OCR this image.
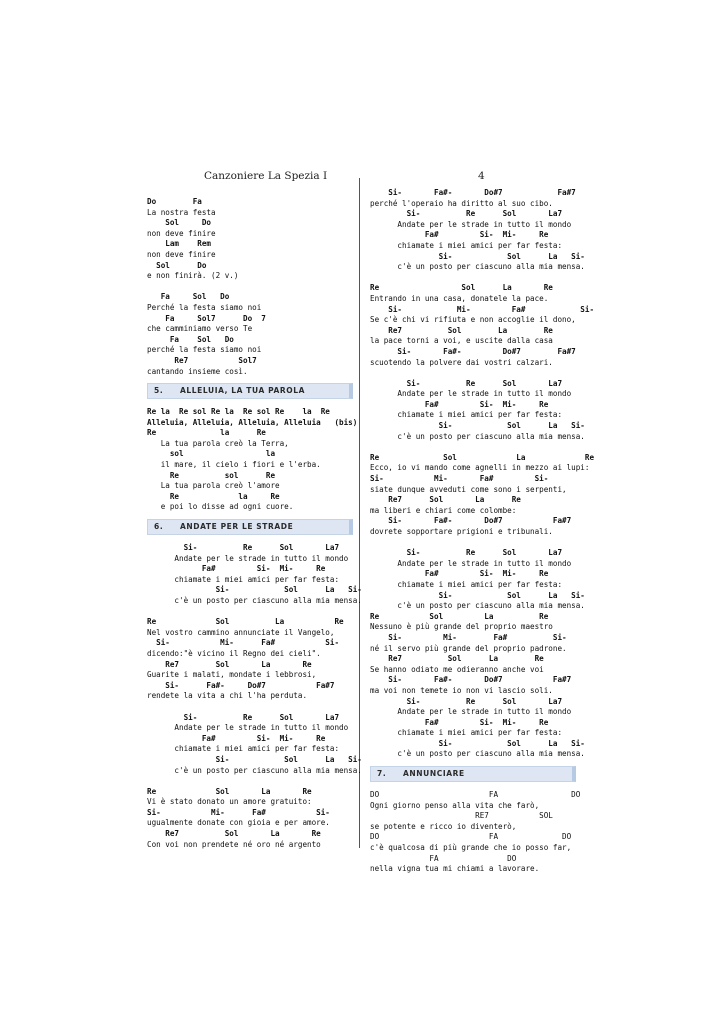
Canzoniere La Spezia I	4
Do        Fa
La nostra festa
Sol     Do
non deve finire
Lam    Rem
non deve finire
Sol      Do
e non finirà. (2 v.)
Fa     Sol   Do
Perché la festa siamo noi
Fa     Sol7      Do  7
che camminiamo verso Te
Fa    Sol   Do
perché la festa siamo noi
Re7           Sol7
cantando insieme così.
5.	ALLELUIA, LA TUA PAROLA
Re la  Re sol Re la  Re sol Re    la  Re
Alleluia, Alleluia, Alleluia, Alleluia   (bis)
Re              la      Re
La tua parola creò la Terra,
sol                  la
il mare, il cielo i fiori e l'erba.
Re          sol      Re
La tua parola creò l'amore
Re             la     Re
e poi lo disse ad ogni cuore.
6.	ANDATE PER LE STRADE
Si-          Re      Sol       La7
Andate per le strade in tutto il mondo
Fa#         Si-  Mi-     Re
chiamate i miei amici per far festa:
Si-            Sol      La   Si-
c'è un posto per ciascuno alla mia mensa.
Re             Sol          La           Re
Nel vostro cammino annunciate il Vangelo,
Si-           Mi-      Fa#           Si-
dicendo:"è vicino il Regno dei cieli".
Re7        Sol       La       Re
Guarite i malati, mondate i lebbrosi,
Si-      Fa#-     Do#7           Fa#7
rendete la vita a chi l'ha perduta.
Si-          Re      Sol       La7
Andate per le strade in tutto il mondo
Fa#         Si-  Mi-     Re
chiamate i miei amici per far festa:
Si-            Sol      La   Si-
c'è un posto per ciascuno alla mia mensa.
Re             Sol       La       Re
Vi è stato donato un amore gratuito:
Si-           Mi-      Fa#           Si-
ugualmente donate con gioia e per amore.
Re7          Sol       La       Re
Con voi non prendete né oro né argento
Si-       Fa#-       Do#7            Fa#7
perché l'operaio ha diritto al suo cibo.
Si-          Re      Sol       La7
Andate per le strade in tutto il mondo
Fa#         Si-  Mi-     Re
chiamate i miei amici per far festa:
Si-            Sol      La   Si-
c'è un posto per ciascuno alla mia mensa.
Re                  Sol      La       Re
Entrando in una casa, donatele la pace.
Si-            Mi-         Fa#            Si-
Se c'è chi vi rifiuta e non accoglie il dono,
Re7          Sol        La        Re
la pace torni a voi, e uscite dalla casa
Si-       Fa#-         Do#7        Fa#7
scuotendo la polvere dai vostri calzari.
Si-          Re      Sol       La7
Andate per le strade in tutto il mondo
Fa#         Si-  Mi-     Re
chiamate i miei amici per far festa:
Si-            Sol      La   Si-
c'è un posto per ciascuno alla mia mensa.
Re              Sol             La             Re
Ecco, io vi mando come agnelli in mezzo ai lupi:
Si-           Mi-       Fa#         Si-
siate dunque avveduti come sono i serpenti,
Re7      Sol       La      Re
ma liberi e chiari come colombe:
Si-       Fa#-       Do#7           Fa#7
dovrete sopportare prigioni e tribunali.
Si-          Re      Sol       La7
Andate per le strade in tutto il mondo
Fa#         Si-  Mi-     Re
chiamate i miei amici per far festa:
Si-            Sol      La   Si-
c'è un posto per ciascuno alla mia mensa.
Re           Sol         La          Re
Nessuno è più grande del proprio maestro
Si-         Mi-        Fa#          Si-
né il servo più grande del proprio padrone.
Re7          Sol      La        Re
Se hanno odiato me odieranno anche voi
Si-       Fa#-       Do#7           Fa#7
ma voi non temete io non vi lascio soli.
Si-          Re      Sol       La7
Andate per le strade in tutto il mondo
Fa#         Si-  Mi-     Re
chiamate i miei amici per far festa:
Si-            Sol      La   Si-
c'è un posto per ciascuno alla mia mensa.
7.	ANNUNCIARE
DO                        FA                DO
Ogni giorno penso alla vita che farò,
RE7           SOL
se potente e ricco io diventerò,
DO                        FA              DO
c'è qualcosa di più grande che io posso far,
FA               DO
nella vigna tua mi chiami a lavorare.
